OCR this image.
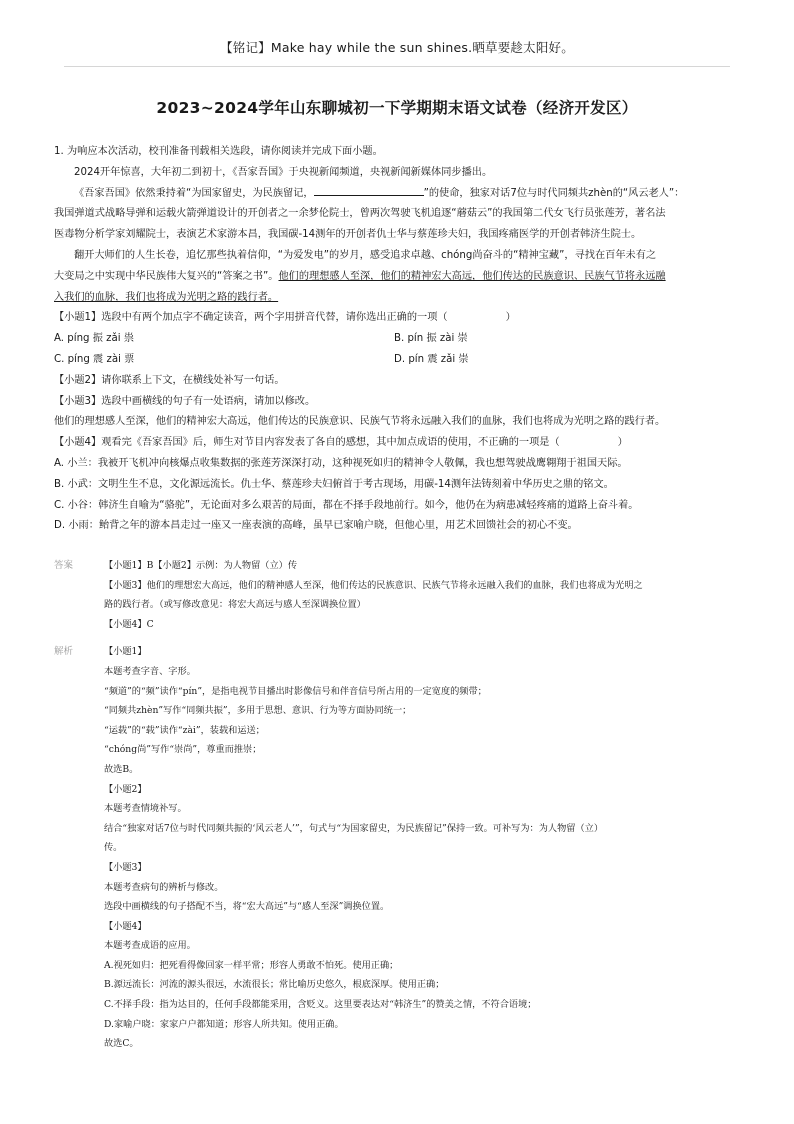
【铭记】Make hay while the sun shines.晒草要趁太阳好。
2023~2024学年山东聊城初一下学期期末语文试卷（经济开发区）

1. 为响应本次活动，校刊准备刊载相关选段，请你阅读并完成下面小题。

2024开年惊喜，大年初二到初十，《吾家吾国》于央视新闻频道，央视新闻新媒体同步播出。

《吾家吾国》依然秉持着“为国家留史，为民族留记，	”的使命，独家对话7位与时代同频共zhèn的“风云老人”：

我国弹道式战略导弹和运载火箭弹道设计的开创者之一余梦伦院士，曾两次驾驶飞机追逐“蘑菇云”的我国第二代女飞行员张莲芳，著名法

医毒物分析学家刘耀院士，表演艺术家游本昌，我国碳-14测年的开创者仇士华与蔡莲珍夫妇，我国疼痛医学的开创者韩济生院士。

翻开大师们的人生长卷，追忆那些执着信仰，“为爱发电”的岁月，感受追求卓越、chóng尚奋斗的“精神宝藏”，寻找在百年未有之

大变局之中实现中华民族伟大复兴的“答案之书”。他们的理想感人至深，他们的精神宏大高远，他们传达的民族意识、民族气节将永远融

入我们的血脉，我们也将成为光明之路的践行者。

【小题1】选段中有两个加点字不确定读音，两个字用拼音代替，请你选出正确的一项（	）

A. píng 振 zǎi 祟	B. pín 振 zài 崇
C. píng 震 zài 票	D. pín 震 zǎi 崇

【小题2】请你联系上下文，在横线处补写一句话。

【小题3】选段中画横线的句子有一处语病，请加以修改。

他们的理想感人至深，他们的精神宏大高远，他们传达的民族意识、民族气节将永远融入我们的血脉，我们也将成为光明之路的践行者。

【小题4】观看完《吾家吾国》后，师生对节目内容发表了各自的感想，其中加点成语的使用，不正确的一项是（	）

A. 小兰：我被开飞机冲向核爆点收集数据的张莲芳深深打动，这种视死如归的精神令人敬佩，我也想驾驶战鹰翱翔于祖国天际。

B. 小武：文明生生不息，文化源远流长。仇士华、蔡莲珍夫妇俯首于考古现场，用碳-14测年法铸刻着中华历史之鼎的铭文。

C. 小谷：韩济生自喻为“骆驼”，无论面对多么艰苦的局面，都在不择手段地前行。如今，他仍在为病患减轻疼痛的道路上奋斗着。

D. 小雨：鲐背之年的游本昌走过一座又一座表演的高峰，虽早已家喻户晓，但他心里，用艺术回馈社会的初心不变。

答案	【小题1】B【小题2】示例：为人物留（立）传

【小题3】他们的理想宏大高远，他们的精神感人至深，他们传达的民族意识、民族气节将永远融入我们的血脉，我们也将成为光明之

路的践行者。（或写修改意见：将宏大高远与感人至深调换位置）

【小题4】C

解析	【小题1】

本题考查字音、字形。

“频道”的“频”读作“pín”，是指电视节目播出时影像信号和伴音信号所占用的一定宽度的频带；

“同频共zhèn”写作“同频共振”，多用于思想、意识、行为等方面协同统一；

“运载”的“载”读作“zài”，装载和运送；

“chóng尚”写作“崇尚”，尊重而推崇；

故选B。

【小题2】

本题考查情境补写。

结合“独家对话7位与时代同频共振的‘风云老人’”，句式与“为国家留史，为民族留记”保持一致。可补写为：为人物留（立）

传。

【小题3】

本题考查病句的辨析与修改。

选段中画横线的句子搭配不当，将“宏大高远”与“感人至深”调换位置。

【小题4】

本题考查成语的应用。

A.视死如归：把死看得像回家一样平常；形容人勇敢不怕死。使用正确；

B.源远流长：河流的源头很远，水流很长；常比喻历史悠久，根底深厚。使用正确；

C.不择手段：指为达目的，任何手段都能采用，含贬义。这里要表达对“韩济生”的赞美之情，不符合语境；

D.家喻户晓：家家户户都知道；形容人所共知。使用正确。

故选C。
